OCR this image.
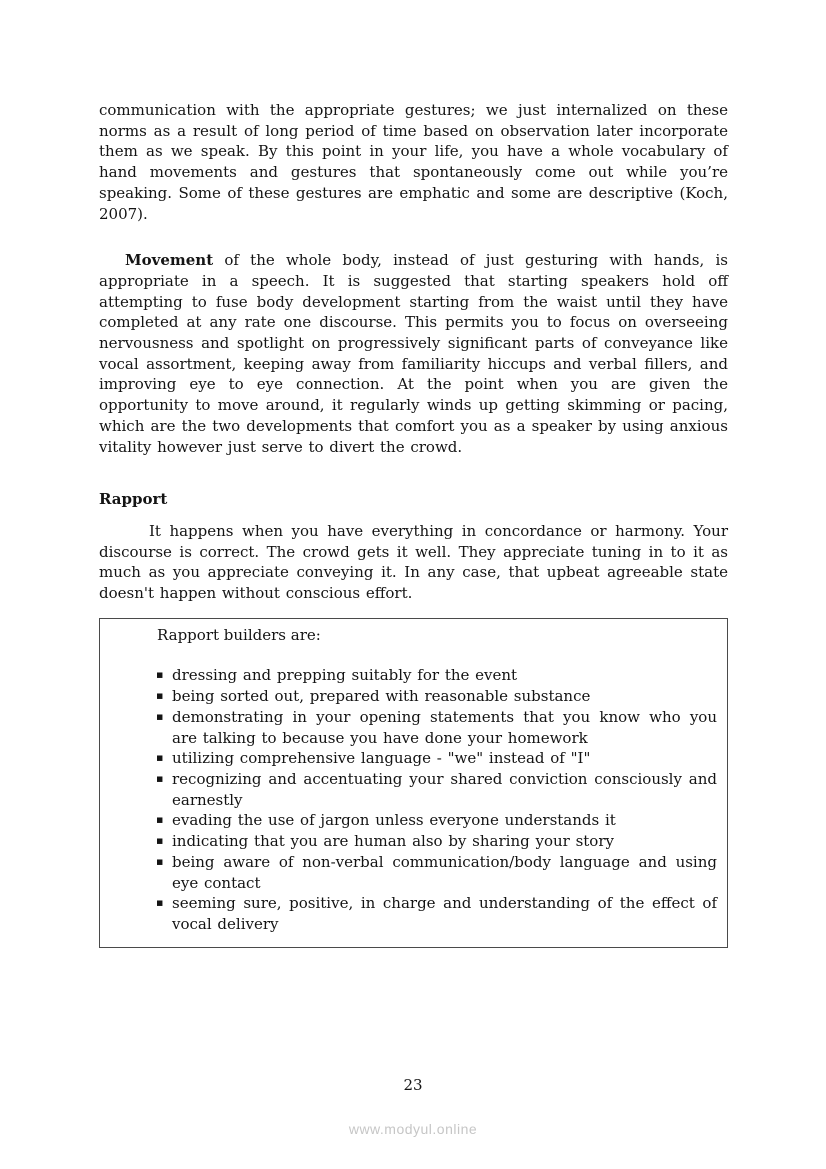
communication with the appropriate gestures; we just internalized on these norms as a result of long period of time based on observation later incorporate them as we speak. By this point in your life, you have a whole vocabulary of hand movements and gestures that spontaneously come out while you’re speaking. Some of these gestures are emphatic and some are descriptive (Koch, 2007).

Movement of the whole body, instead of just gesturing with hands, is appropriate in a speech. It is suggested that starting speakers hold off attempting to fuse body development starting from the waist until they have completed at any rate one discourse. This permits you to focus on overseeing nervousness and spotlight on progressively significant parts of conveyance like vocal assortment, keeping away from familiarity hiccups and verbal fillers, and improving eye to eye connection. At the point when you are given the opportunity to move around, it regularly winds up getting skimming or pacing, which are the two developments that comfort you as a speaker by using anxious vitality however just serve to divert the crowd.

Rapport

It happens when you have everything in concordance or harmony. Your discourse is correct. The crowd gets it well. They appreciate tuning in to it as much as you appreciate conveying it. In any case, that upbeat agreeable state doesn't happen without conscious effort.

Rapport builders are:

▪ dressing and prepping suitably for the event
▪ being sorted out, prepared with reasonable substance
▪ demonstrating in your opening statements that you know who you are talking to because you have done your homework
▪ utilizing comprehensive language - "we" instead of "I"
▪ recognizing and accentuating your shared conviction consciously and earnestly
▪ evading the use of jargon unless everyone understands it
▪ indicating that you are human also by sharing your story
▪ being aware of non-verbal communication/body language and using eye contact
▪ seeming sure, positive, in charge and understanding of the effect of vocal delivery
23
www.modyul.online
